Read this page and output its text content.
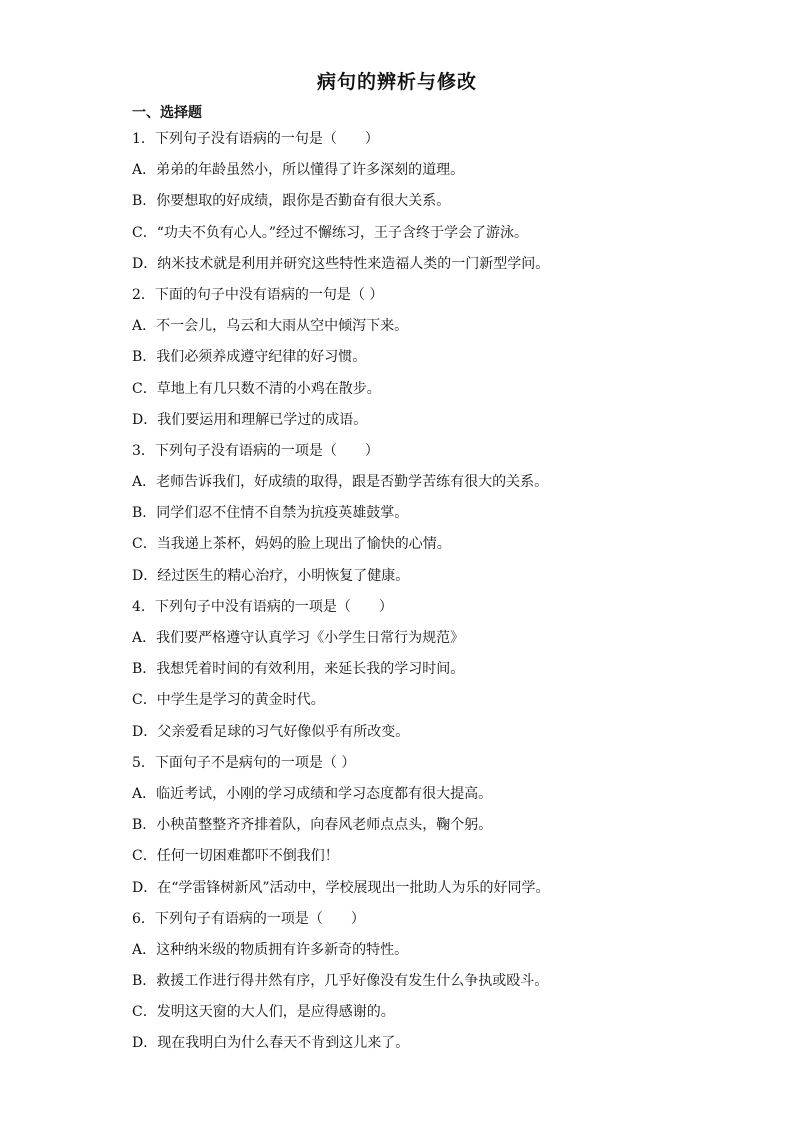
病句的辨析与修改
一、选择题
1．下列句子没有语病的一句是（　　）
A．弟弟的年龄虽然小，所以懂得了许多深刻的道理。
B．你要想取的好成绩，跟你是否勤奋有很大关系。
C．“功夫不负有心人。”经过不懈练习，王子含终于学会了游泳。
D．纳米技术就是利用并研究这些特性来造福人类的一门新型学问。
2．下面的句子中没有语病的一句是（ ）
A．不一会儿，乌云和大雨从空中倾泻下来。
B．我们必须养成遵守纪律的好习惯。
C．草地上有几只数不清的小鸡在散步。
D．我们要运用和理解已学过的成语。
3．下列句子没有语病的一项是（　　）
A．老师告诉我们，好成绩的取得，跟是否勤学苦练有很大的关系。
B．同学们忍不住情不自禁为抗疫英雄鼓掌。
C．当我递上茶杯，妈妈的脸上现出了愉快的心情。
D．经过医生的精心治疗，小明恢复了健康。
4．下列句子中没有语病的一项是（　　）
A．我们要严格遵守认真学习《小学生日常行为规范》
B．我想凭着时间的有效利用，来延长我的学习时间。
C．中学生是学习的黄金时代。
D．父亲爱看足球的习气好像似乎有所改变。
5．下面句子不是病句的一项是（ ）
A．临近考试，小刚的学习成绩和学习态度都有很大提高。
B．小秧苗整整齐齐排着队，向春风老师点点头，鞠个躬。
C．任何一切困难都吓不倒我们！
D．在“学雷锋树新风”活动中，学校展现出一批助人为乐的好同学。
6．下列句子有语病的一项是（　　）
A．这种纳米级的物质拥有许多新奇的特性。
B．救援工作进行得井然有序，几乎好像没有发生什么争执或殴斗。
C．发明这天窗的大人们，是应得感谢的。
D．现在我明白为什么春天不肯到这儿来了。
